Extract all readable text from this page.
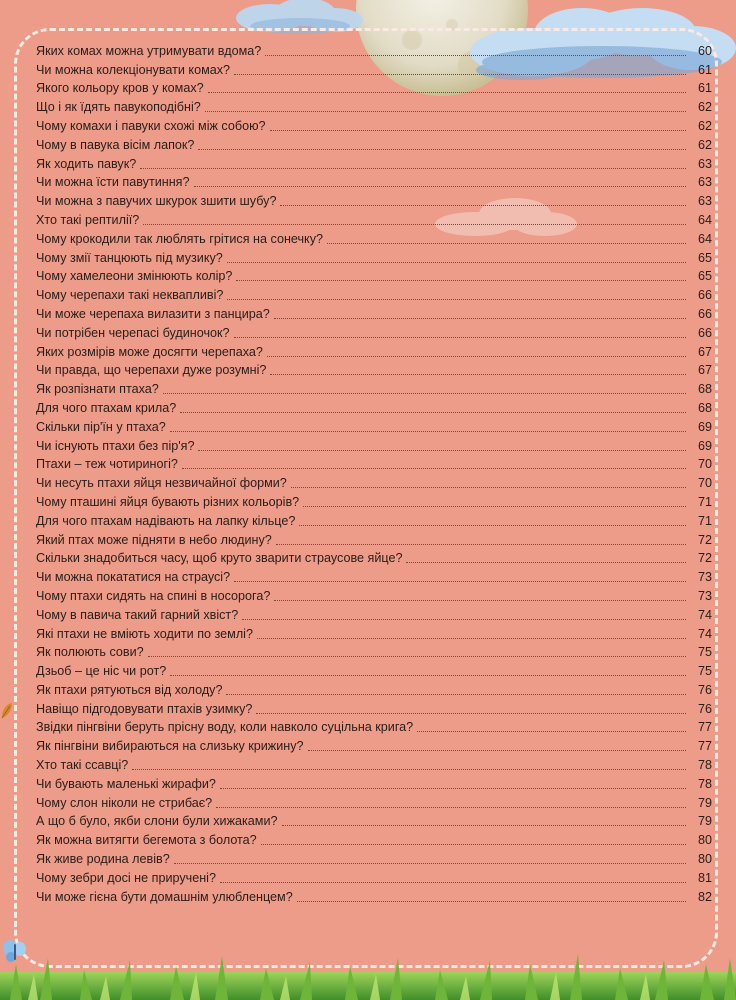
Яких комах можна утримувати вдома?	60
Чи можна колекціонувати комах?	61
Якого кольору кров у комах?	61
Що і як їдять павукоподібні?	62
Чому комахи і павуки схожі між собою?	62
Чому в павука вісім лапок?	62
Як ходить павук?	63
Чи можна їсти павутиння?	63
Чи можна з павучих шкурок зшити шубу?	63
Хто такі рептилії?	64
Чому крокодили так люблять грітися на сонечку?	64
Чому змії танцюють під музику?	65
Чому хамелеони змінюють колір?	65
Чому черепахи такі неквапливі?	66
Чи може черепаха вилазити з панцира?	66
Чи потрібен черепасі будиночок?	66
Яких розмірів може досягти черепаха?	67
Чи правда, що черепахи дуже розумні?	67
Як розпізнати птаха?	68
Для чого птахам крила?	68
Скільки пір'їн у птаха?	69
Чи існують птахи без пір'я?	69
Птахи – теж чотириногі?	70
Чи несуть птахи яйця незвичайної форми?	70
Чому пташині яйця бувають різних кольорів?	71
Для чого птахам надівають на лапку кільце?	71
Який птах може підняти в небо людину?	72
Скільки знадобиться часу, щоб круто зварити страусове яйце?	72
Чи можна покататися на страусі?	73
Чому птахи сидять на спині в носорога?	73
Чому в павича такий гарний хвіст?	74
Які птахи не вміють ходити по землі?	74
Як полюють сови?	75
Дзьоб – це ніс чи рот?	75
Як птахи рятуються від холоду?	76
Навіщо підгодовувати птахів узимку?	76
Звідки пінгвіни беруть прісну воду, коли навколо суцільна крига?	77
Як пінгвіни вибираються на слизьку крижину?	77
Хто такі ссавці?	78
Чи бувають маленькі жирафи?	78
Чому слон ніколи не стрибає?	79
А що б було, якби слони були хижаками?	79
Як можна витягти бегемота з болота?	80
Як живе родина левів?	80
Чому зебри досі не приручені?	81
Чи може гієна бути домашнім улюбленцем?	82
